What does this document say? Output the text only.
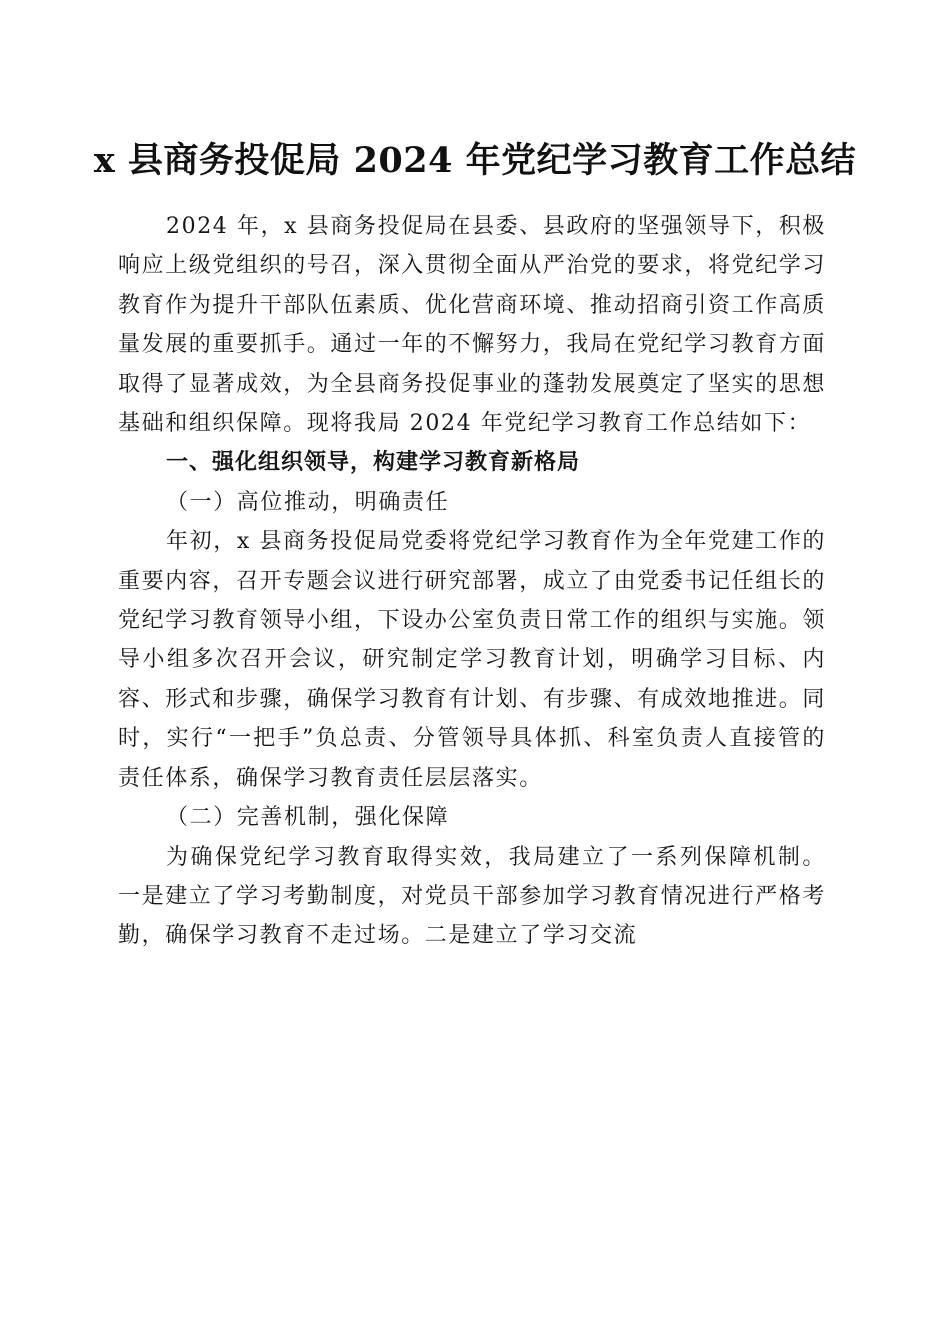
x 县商务投促局 2024 年党纪学习教育工作总结

2024 年，x 县商务投促局在县委、县政府的坚强领导下，积极响应上级党组织的号召，深入贯彻全面从严治党的要求，将党纪学习教育作为提升干部队伍素质、优化营商环境、推动招商引资工作高质量发展的重要抓手。通过一年的不懈努力，我局在党纪学习教育方面取得了显著成效，为全县商务投促事业的蓬勃发展奠定了坚实的思想基础和组织保障。现将我局 2024 年党纪学习教育工作总结如下：

一、强化组织领导，构建学习教育新格局

（一）高位推动，明确责任

年初，x 县商务投促局党委将党纪学习教育作为全年党建工作的重要内容，召开专题会议进行研究部署，成立了由党委书记任组长的党纪学习教育领导小组，下设办公室负责日常工作的组织与实施。领导小组多次召开会议，研究制定学习教育计划，明确学习目标、内容、形式和步骤，确保学习教育有计划、有步骤、有成效地推进。同时，实行“一把手”负总责、分管领导具体抓、科室负责人直接管的责任体系，确保学习教育责任层层落实。

（二）完善机制，强化保障

为确保党纪学习教育取得实效，我局建立了一系列保障机制。一是建立了学习考勤制度，对党员干部参加学习教育情况进行严格考勤，确保学习教育不走过场。二是建立了学习交流
